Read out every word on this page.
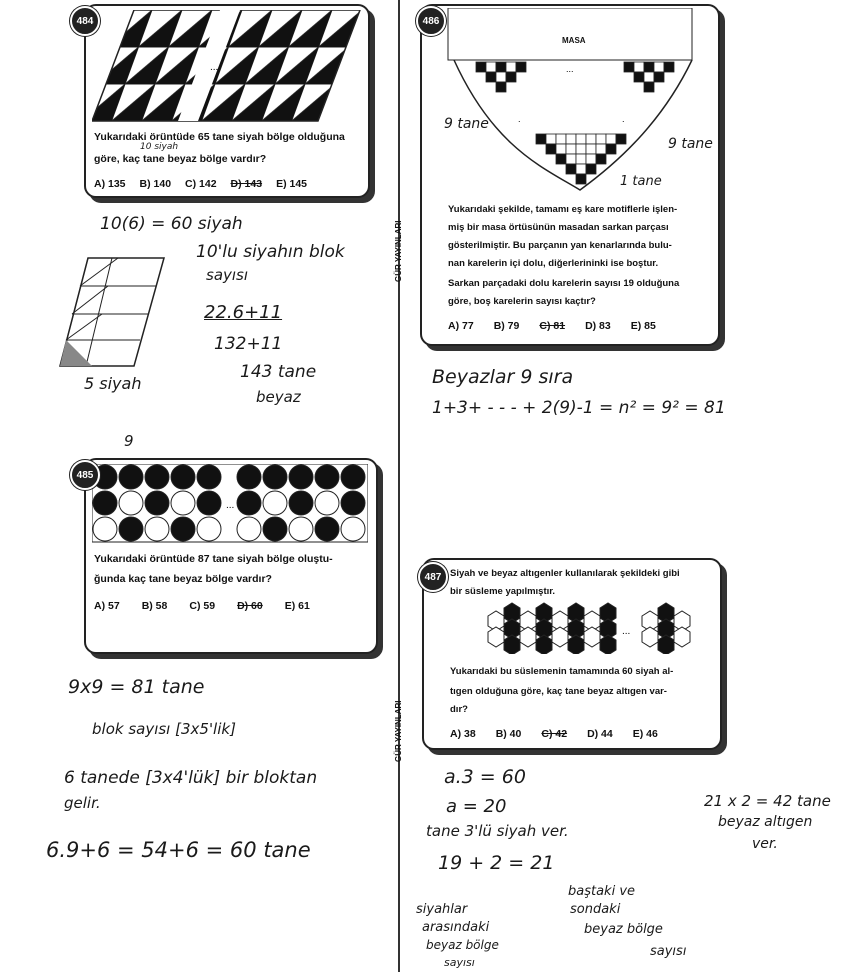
GÜR YAYINLARI
GÜR YAYINLARI
...
10 siyah
Yukarıdaki örüntüde 65 tane siyah bölge olduğuna
göre, kaç tane beyaz bölge vardır?
A) 135 B) 140 C) 142 D) 143 E) 145
484
10(6) = 60 siyah
10'lu siyahın blok
sayısı
22.6+11
132+11
143 tane
beyaz
5 siyah
9
...
Yukarıdaki örüntüde 87 tane siyah bölge oluştu-
ğunda kaç tane beyaz bölge vardır?
A) 57 B) 58 C) 59 D) 60 E) 61
485
9x9 = 81 tane
blok sayısı [3x5'lik]
6 tanede [3x4'lük] bir bloktan
gelir.
6.9+6 = 54+6 = 60 tane
...
.	.
MASA
Yukarıdaki şekilde, tamamı eş kare motiflerle işlen-
miş bir masa örtüsünün masadan sarkan parçası
gösterilmiştir. Bu parçanın yan kenarlarında bulu-
nan karelerin içi dolu, diğerlerininki ise boştur.
Sarkan parçadaki dolu karelerin sayısı 19 olduğuna
göre, boş karelerin sayısı kaçtır?
A) 77 B) 79 C) 81 D) 83 E) 85
486
9 tane
9 tane
1 tane
Beyazlar 9 sıra
1+3+ - - - + 2(9)-1 = n² = 9² = 81
Siyah ve beyaz altıgenler kullanılarak şekildeki gibi
bir süsleme yapılmıştır.
...
Yukarıdaki bu süslemenin tamamında 60 siyah al-
tıgen olduğuna göre, kaç tane beyaz altıgen var-
dır?
A) 38 B) 40 C) 42 D) 44 E) 46
487
a.3 = 60
a = 20
tane 3'lü siyah ver.
19 + 2 = 21
21 x 2 = 42 tane
beyaz altıgen
ver.
siyahlar
arasındaki
beyaz bölge
sayısı
baştaki ve
sondaki
beyaz bölge
sayısı
